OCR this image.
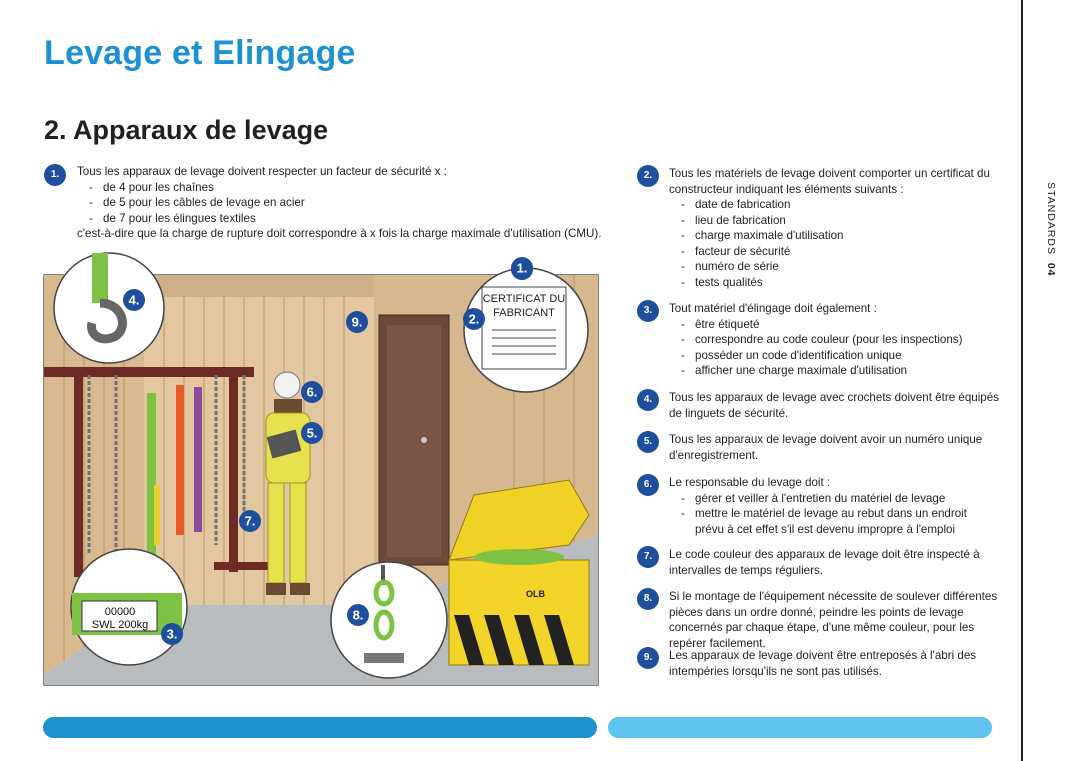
Levage et Elingage
2. Apparaux de levage
1.	Tous les apparaux de levage doivent respecter un facteur de sécurité x :
- de 4 pour les chaînes
- de 5 pour les câbles de levage en acier
- de 7 pour les élingues textiles
c'est-à-dire que la charge de rupture doit correspondre à x fois la charge maximale d'utilisation (CMU).
OLB
CERTIFICAT DU
FABRICANT
00000
SWL 200kg
1.
2.
3.
4.
5.
6.
7.
8.
9.
2.	Tous les matériels de levage doivent comporter un certificat du constructeur indiquant les éléments suivants :
- date de fabrication
- lieu de fabrication
- charge maximale d'utilisation
- facteur de sécurité
- numéro de série
- tests qualités
3.	Tout matériel d'élingage doit également :
- être étiqueté
- correspondre au code couleur (pour les inspections)
- posséder un code d'identification unique
- afficher une charge maximale d'utilisation
4.	Tous les apparaux de levage avec crochets doivent être équipés de linguets de sécurité.
5.	Tous les apparaux de levage doivent avoir un numéro unique d'enregistrement.
6.	Le responsable du levage doit :
- gérer et veiller à l'entretien du matériel de levage
- mettre le matériel de levage au rebut dans un endroit prévu à cet effet s'il est devenu impropre à l'emploi
7.	Le code couleur des apparaux de levage doit être inspecté à intervalles de temps réguliers.
8.	Si le montage de l'équipement nécessite de soulever différentes pièces dans un ordre donné, peindre les points de levage concernés par chaque étape, d'une même couleur, pour les repérer facilement.
9.	Les apparaux de levage doivent être entreposés à l'abri des intempéries lorsqu'ils ne sont pas utilisés.
STANDARDS  04
